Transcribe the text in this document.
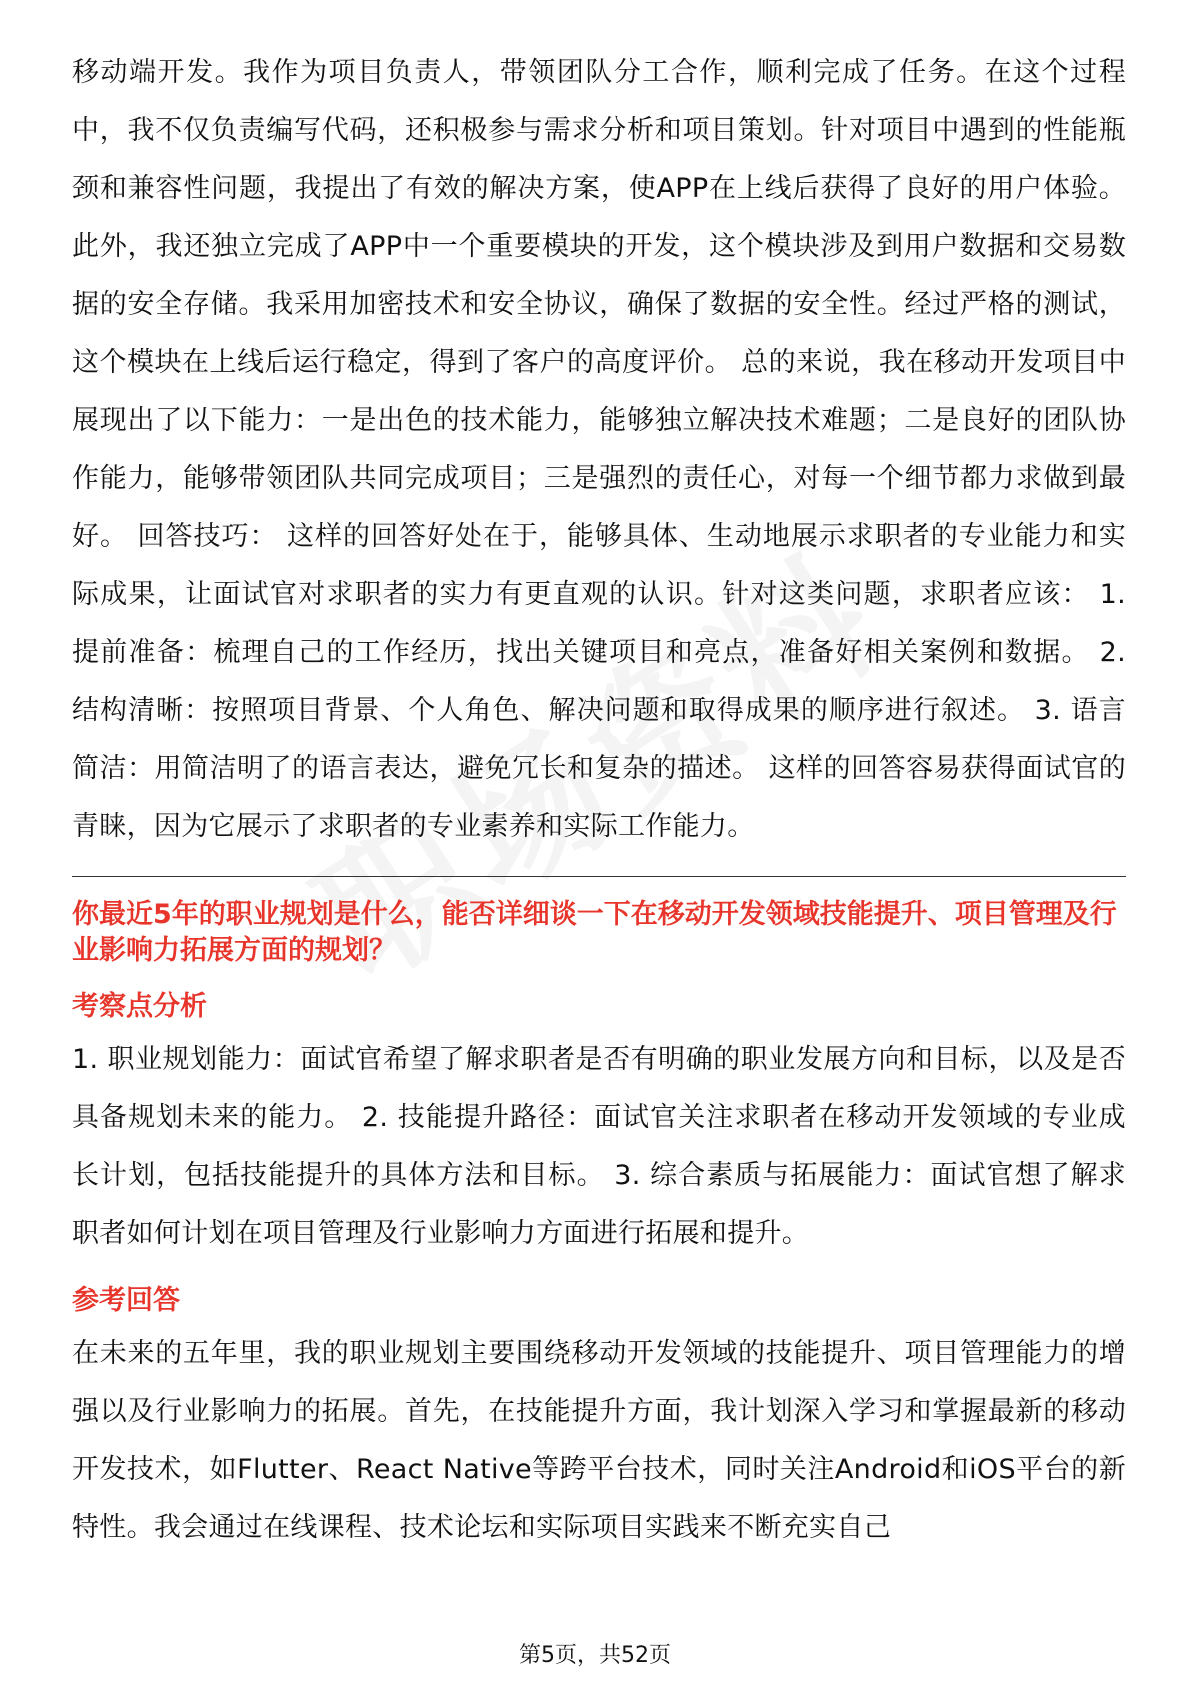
移动端开发。我作为项目负责人，带领团队分工合作，顺利完成了任务。在这个过程中，我不仅负责编写代码，还积极参与需求分析和项目策划。针对项目中遇到的性能瓶颈和兼容性问题，我提出了有效的解决方案，使APP在上线后获得了良好的用户体验。 此外，我还独立完成了APP中一个重要模块的开发，这个模块涉及到用户数据和交易数据的安全存储。我采用加密技术和安全协议，确保了数据的安全性。经过严格的测试，这个模块在上线后运行稳定，得到了客户的高度评价。 总的来说，我在移动开发项目中展现出了以下能力：一是出色的技术能力，能够独立解决技术难题；二是良好的团队协作能力，能够带领团队共同完成项目；三是强烈的责任心，对每一个细节都力求做到最好。 回答技巧： 这样的回答好处在于，能够具体、生动地展示求职者的专业能力和实际成果，让面试官对求职者的实力有更直观的认识。针对这类问题，求职者应该： 1. 提前准备：梳理自己的工作经历，找出关键项目和亮点，准备好相关案例和数据。 2. 结构清晰：按照项目背景、个人角色、解决问题和取得成果的顺序进行叙述。 3. 语言简洁：用简洁明了的语言表达，避免冗长和复杂的描述。 这样的回答容易获得面试官的青睐，因为它展示了求职者的专业素养和实际工作能力。

你最近5年的职业规划是什么，能否详细谈一下在移动开发领域技能提升、项目管理及行业影响力拓展方面的规划？

考察点分析

1. 职业规划能力：面试官希望了解求职者是否有明确的职业发展方向和目标，以及是否具备规划未来的能力。 2. 技能提升路径：面试官关注求职者在移动开发领域的专业成长计划，包括技能提升的具体方法和目标。 3. 综合素质与拓展能力：面试官想了解求职者如何计划在项目管理及行业影响力方面进行拓展和提升。

参考回答

在未来的五年里，我的职业规划主要围绕移动开发领域的技能提升、项目管理能力的增强以及行业影响力的拓展。首先，在技能提升方面，我计划深入学习和掌握最新的移动开发技术，如Flutter、React Native等跨平台技术，同时关注Android和iOS平台的新特性。我会通过在线课程、技术论坛和实际项目实践来不断充实自己

第5页，共52页
